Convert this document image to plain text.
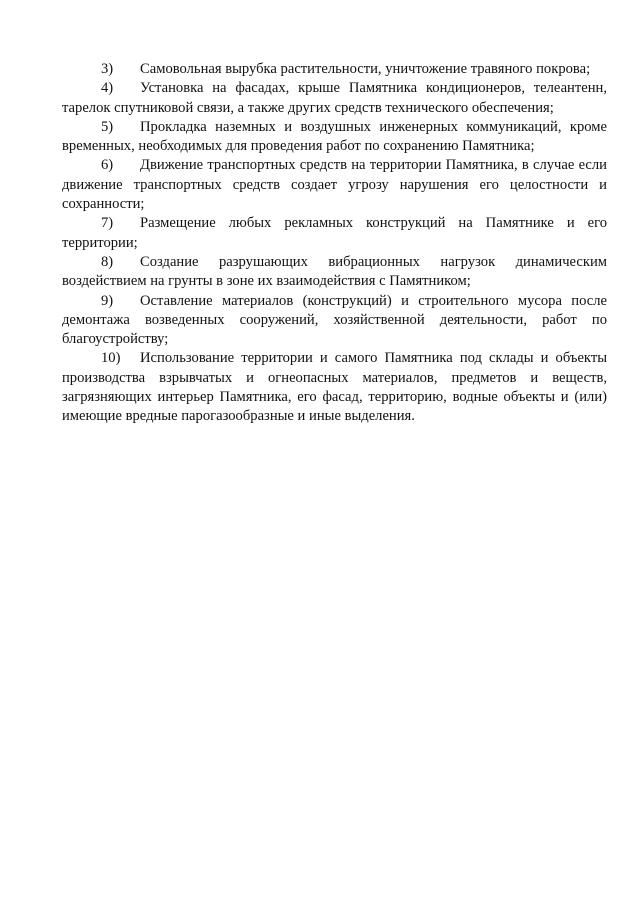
3) Самовольная вырубка растительности, уничтожение травяного покрова;

4) Установка на фасадах, крыше Памятника кондиционеров, телеантенн, тарелок спутниковой связи, а также других средств технического обеспечения;

5) Прокладка наземных и воздушных инженерных коммуникаций, кроме временных, необходимых для проведения работ по сохранению Памятника;

6) Движение транспортных средств на территории Памятника, в случае если движение транспортных средств создает угрозу нарушения его целостности и сохранности;

7) Размещение любых рекламных конструкций на Памятнике и его территории;

8) Создание разрушающих вибрационных нагрузок динамическим воздействием на грунты в зоне их взаимодействия с Памятником;

9) Оставление материалов (конструкций) и строительного мусора после демонтажа возведенных сооружений, хозяйственной деятельности, работ по благоустройству;

10) Использование территории и самого Памятника под склады и объекты производства взрывчатых и огнеопасных материалов, предметов и веществ, загрязняющих интерьер Памятника, его фасад, территорию, водные объекты и (или) имеющие вредные парогазообразные и иные выделения.
